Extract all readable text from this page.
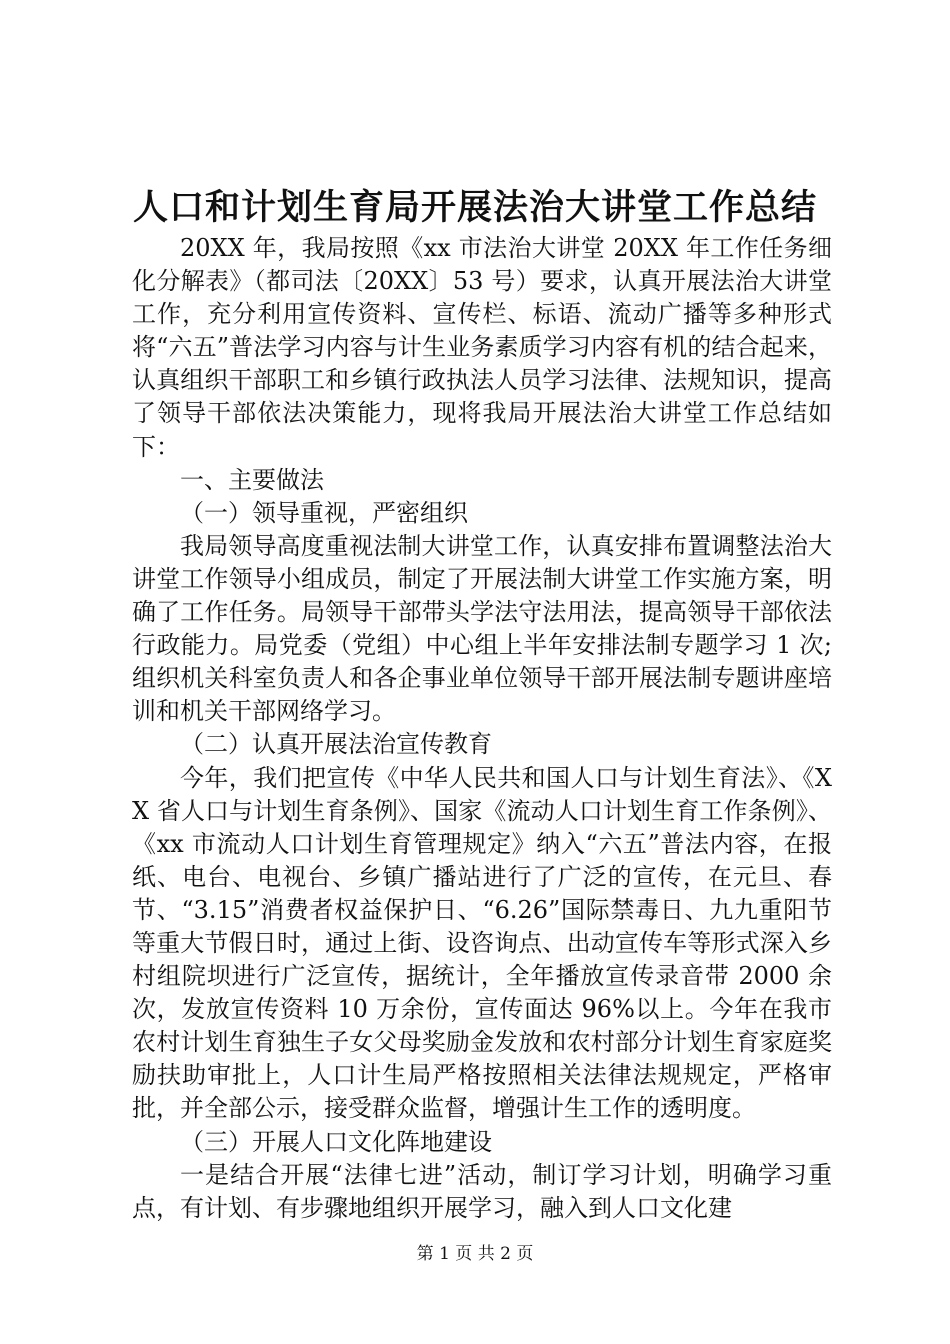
人口和计划生育局开展法治大讲堂工作总结

20XX 年，我局按照《xx 市法治大讲堂 20XX 年工作任务细化分解表》（都司法〔20XX〕53 号）要求，认真开展法治大讲堂工作，充分利用宣传资料、宣传栏、标语、流动广播等多种形式将“六五”普法学习内容与计生业务素质学习内容有机的结合起来，认真组织干部职工和乡镇行政执法人员学习法律、法规知识，提高了领导干部依法决策能力，现将我局开展法治大讲堂工作总结如下：

一、主要做法

（一）领导重视，严密组织

我局领导高度重视法制大讲堂工作，认真安排布置调整法治大讲堂工作领导小组成员，制定了开展法制大讲堂工作实施方案，明确了工作任务。局领导干部带头学法守法用法，提高领导干部依法行政能力。局党委（党组）中心组上半年安排法制专题学习 1 次;组织机关科室负责人和各企事业单位领导干部开展法制专题讲座培训和机关干部网络学习。

（二）认真开展法治宣传教育

今年，我们把宣传《中华人民共和国人口与计划生育法》、《XX 省人口与计划生育条例》、国家《流动人口计划生育工作条例》、《xx 市流动人口计划生育管理规定》纳入“六五”普法内容，在报纸、电台、电视台、乡镇广播站进行了广泛的宣传，在元旦、春节、“3.15”消费者权益保护日、“6.26”国际禁毒日、九九重阳节等重大节假日时，通过上街、设咨询点、出动宣传车等形式深入乡村组院坝进行广泛宣传，据统计，全年播放宣传录音带 2000 余次，发放宣传资料 10 万余份，宣传面达 96%以上。今年在我市农村计划生育独生子女父母奖励金发放和农村部分计划生育家庭奖励扶助审批上，人口计生局严格按照相关法律法规规定，严格审批，并全部公示，接受群众监督，增强计生工作的透明度。

（三）开展人口文化阵地建设

一是结合开展“法律七进”活动，制订学习计划，明确学习重点，有计划、有步骤地组织开展学习，融入到人口文化建

第 1 页 共 2 页
